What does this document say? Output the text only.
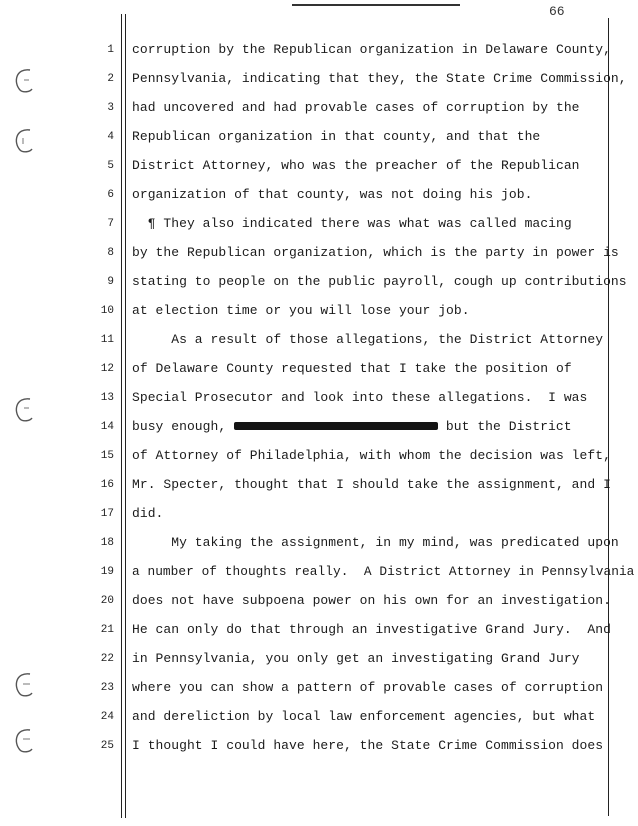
66
1 corruption by the Republican organization in Delaware County,
2 Pennsylvania, indicating that they, the State Crime Commission,
3 had uncovered and had provable cases of corruption by the
4 Republican organization in that county, and that the
5 District Attorney, who was the preacher of the Republican
6 organization of that county, was not doing his job.
7 ¶ They also indicated there was what was called macing
8 by the Republican organization, which is the party in power is
9 stating to people on the public payroll, cough up contributions
10 at election time or you will lose your job.
11 As a result of those allegations, the District Attorney
12 of Delaware County requested that I take the position of
13 Special Prosecutor and look into these allegations.  I was
14 busy enough,	but the District
15 of Attorney of Philadelphia, with whom the decision was left,
16 Mr. Specter, thought that I should take the assignment, and I
17 did.
18 My taking the assignment, in my mind, was predicated upon
19 a number of thoughts really.  A District Attorney in Pennsylvania
20 does not have subpoena power on his own for an investigation.
21 He can only do that through an investigative Grand Jury.  And
22 in Pennsylvania, you only get an investigating Grand Jury
23 where you can show a pattern of provable cases of corruption
24 and dereliction by local law enforcement agencies, but what
25 I thought I could have here, the State Crime Commission does
